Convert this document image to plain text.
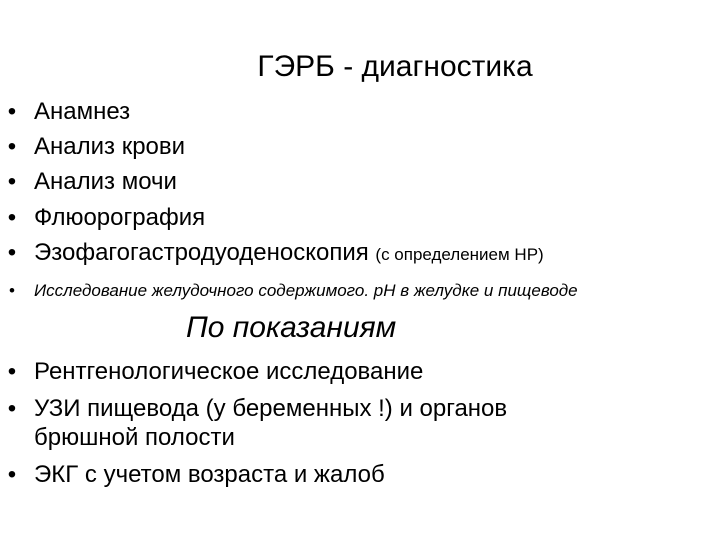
ГЭРБ - диагностика
• Анамнез
• Анализ крови
• Анализ мочи
• Флюорография
• Эзофагогастродуоденоскопия (с определением HP)
• Исследование желудочного содержимого. рН в желудке и пищеводе
По показаниям
• Рентгенологическое исследование
• УЗИ пищевода (у беременных !) и органов
брюшной полости
• ЭКГ с учетом возраста и жалоб
